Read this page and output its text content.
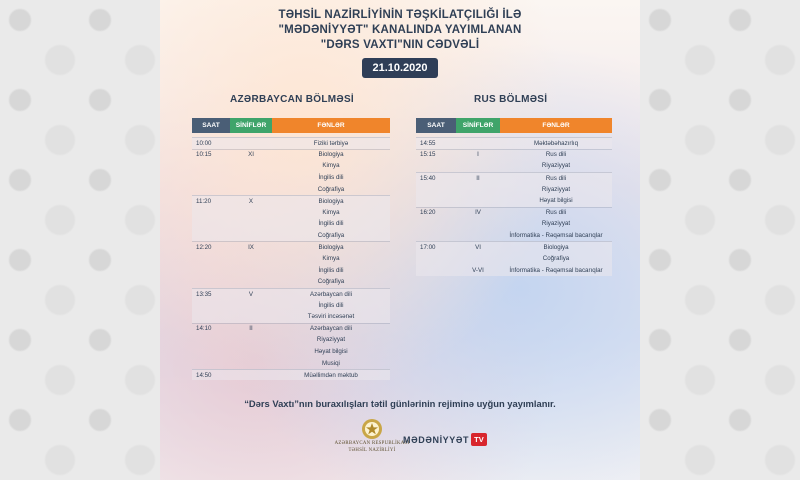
TƏHSİL NAZİRLİYİNİN TƏŞKİLATÇILIĞI İLƏ
"MƏDƏNİYYƏT" KANALINDA YAYIMLANAN
"DƏRS VAXTI"NIN CƏDVƏLİ
21.10.2020
AZƏRBAYCAN BÖLMƏSİ	RUS BÖLMƏSİ
SAAT	SİNİFLƏR	FƏNLƏR

10:00		Fiziki tərbiyə
10:15	XI	Biologiya
		Kimya
		İngilis dili
		Coğrafiya
11:20	X	Biologiya
		Kimya
		İngilis dili
		Coğrafiya
12:20	IX	Biologiya
		Kimya
		İngilis dili
		Coğrafiya
13:35	V	Azərbaycan dili
		İngilis dili
		Təsviri incəsənət
14:10	II	Azərbaycan dili
		Riyaziyyat
		Həyat bilgisi
		Musiqi
14:50		Müəllimdən məktub
SAAT	SİNİFLƏR	FƏNLƏR

14:55		Məktəbəhazırlıq
15:15	I	Rus dili
		Riyaziyyat
15:40	II	Rus dili
		Riyaziyyat
		Həyat bilgisi
16:20	IV	Rus dili
		Riyaziyyat
		İnformatika - Rəqəmsal bacarıqlar
17:00	VI	Biologiya
		Coğrafiya
	V-VI	İnformatika - Rəqəmsal bacarıqlar
“Dərs Vaxtı”nın buraxılışları tətil günlərinin rejiminə uyğun yayımlanır.
AZƏRBAYCAN RESPUBLİKASI
TƏHSİL NAZİRLİYİ
MƏDƏNİYYƏT TV
